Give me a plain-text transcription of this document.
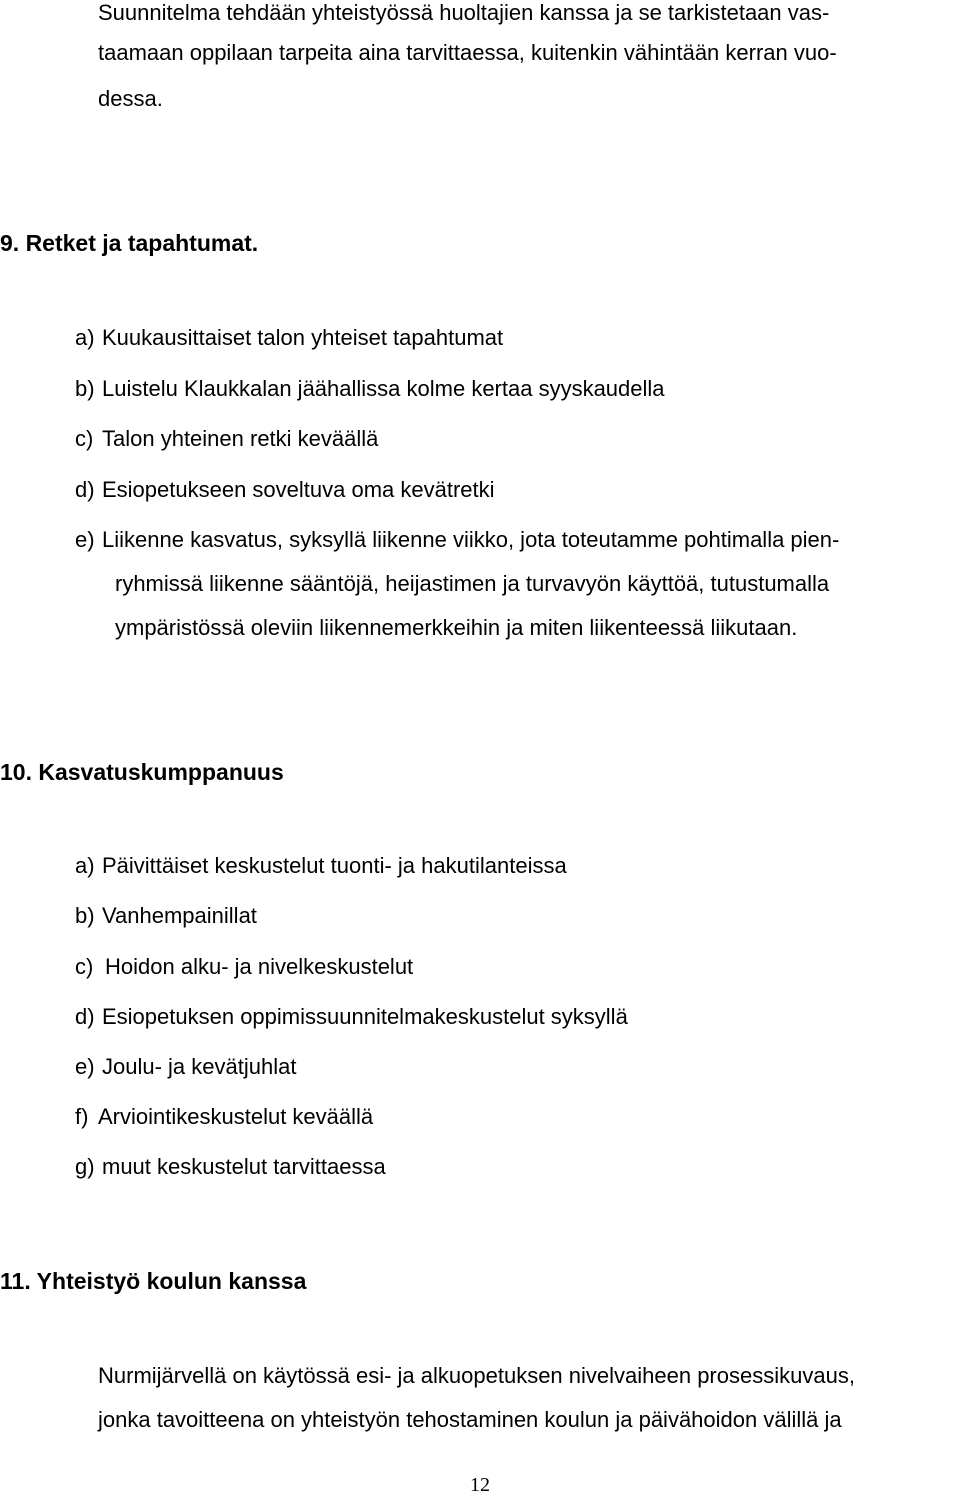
Suunnitelma tehdään yhteistyössä huoltajien kanssa ja se tarkistetaan vas-
taamaan oppilaan tarpeita aina tarvittaessa, kuitenkin vähintään kerran vuo-
dessa.
9. Retket ja tapahtumat.
a) Kuukausittaiset talon yhteiset tapahtumat
b) Luistelu Klaukkalan jäähallissa kolme kertaa syyskaudella
c) Talon yhteinen retki keväällä
d) Esiopetukseen soveltuva oma kevätretki
e) Liikenne kasvatus, syksyllä liikenne viikko, jota toteutamme pohtimalla pien-
ryhmissä liikenne sääntöjä, heijastimen ja turvavyön käyttöä, tutustumalla
ympäristössä oleviin liikennemerkkeihin ja miten liikenteessä liikutaan.
10. Kasvatuskumppanuus
a) Päivittäiset keskustelut tuonti- ja hakutilanteissa
b) Vanhempainillat
c) Hoidon alku- ja nivelkeskustelut
d) Esiopetuksen oppimissuunnitelmakeskustelut syksyllä
e) Joulu- ja kevätjuhlat
f) Arviointikeskustelut keväällä
g) muut keskustelut tarvittaessa
11. Yhteistyö koulun kanssa
Nurmijärvellä on käytössä esi- ja alkuopetuksen nivelvaiheen prosessikuvaus,
jonka tavoitteena on yhteistyön tehostaminen koulun ja päivähoidon välillä ja
12
